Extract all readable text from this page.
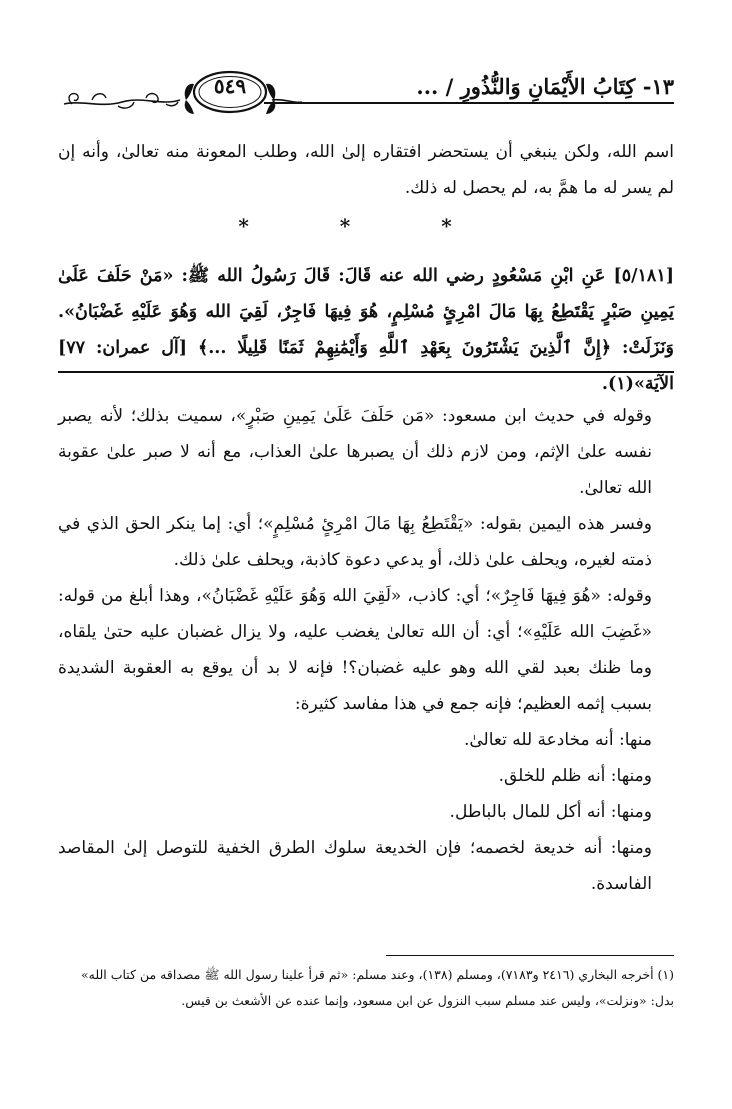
١٣- كِتَابُ الأَيْمَانِ وَالنُّذُورِ / ...
٥٤٩

اسم الله، ولكن ينبغي أن يستحضر افتقاره إلىٰ الله، وطلب المعونة منه تعالىٰ، وأنه إن لم يسر له ما همَّ به، لم يحصل له ذلك.

* * *

[٥/١٨١] عَنِ ابْنِ مَسْعُودٍ رضي الله عنه قَالَ: قَالَ رَسُولُ الله ﷺ: «مَنْ حَلَفَ عَلَىٰ يَمِينِ صَبْرٍ يَقْتَطِعُ بِهَا مَالَ امْرِئٍ مُسْلِمٍ، هُوَ فِيهَا فَاجِرٌ، لَقِيَ الله وَهُوَ عَلَيْهِ غَضْبَانُ». وَنَزَلَتْ: ﴿إِنَّ ٱلَّذِينَ يَشْتَرُونَ بِعَهْدِ ٱللَّهِ وَأَيْمَٰنِهِمْ ثَمَنًا قَلِيلًا ...﴾ [آل عمران: ٧٧] الآيَة»(١).

وقوله في حديث ابن مسعود: «مَن حَلَفَ عَلَىٰ يَمِينِ صَبْرٍ»، سميت بذلك؛ لأنه يصبر نفسه علىٰ الإثم، ومن لازم ذلك أن يصبرها علىٰ العذاب، مع أنه لا صبر علىٰ عقوبة الله تعالىٰ.

وفسر هذه اليمين بقوله: «يَقْتَطِعُ بِهَا مَالَ امْرِئٍ مُسْلِمٍ»؛ أي: إما ينكر الحق الذي في ذمته لغيره، ويحلف علىٰ ذلك، أو يدعي دعوة كاذبة، ويحلف علىٰ ذلك.

وقوله: «هُوَ فِيهَا فَاجِرٌ»؛ أي: كاذب، «لَقِيَ الله وَهُوَ عَلَيْهِ غَضْبَانُ»، وهذا أبلغ من قوله: «غَضِبَ الله عَلَيْهِ»؛ أي: أن الله تعالىٰ يغضب عليه، ولا يزال غضبان عليه حتىٰ يلقاه، وما ظنك بعبد لقي الله وهو عليه غضبان؟! فإنه لا بد أن يوقع به العقوبة الشديدة بسبب إثمه العظيم؛ فإنه جمع في هذا مفاسد كثيرة:

منها: أنه مخادعة لله تعالىٰ.

ومنها: أنه ظلم للخلق.

ومنها: أنه أكل للمال بالباطل.

ومنها: أنه خديعة لخصمه؛ فإن الخديعة سلوك الطرق الخفية للتوصل إلىٰ المقاصد الفاسدة.

(١) أخرجه البخاري (٢٤١٦ و٧١٨٣)، ومسلم (١٣٨)، وعند مسلم: «ثم قرأ علينا رسول الله ﷺ مصداقه من كتاب الله»

بدل: «ونزلت»، وليس عند مسلم سبب النزول عن ابن مسعود، وإنما عنده عن الأشعث بن قيس.
